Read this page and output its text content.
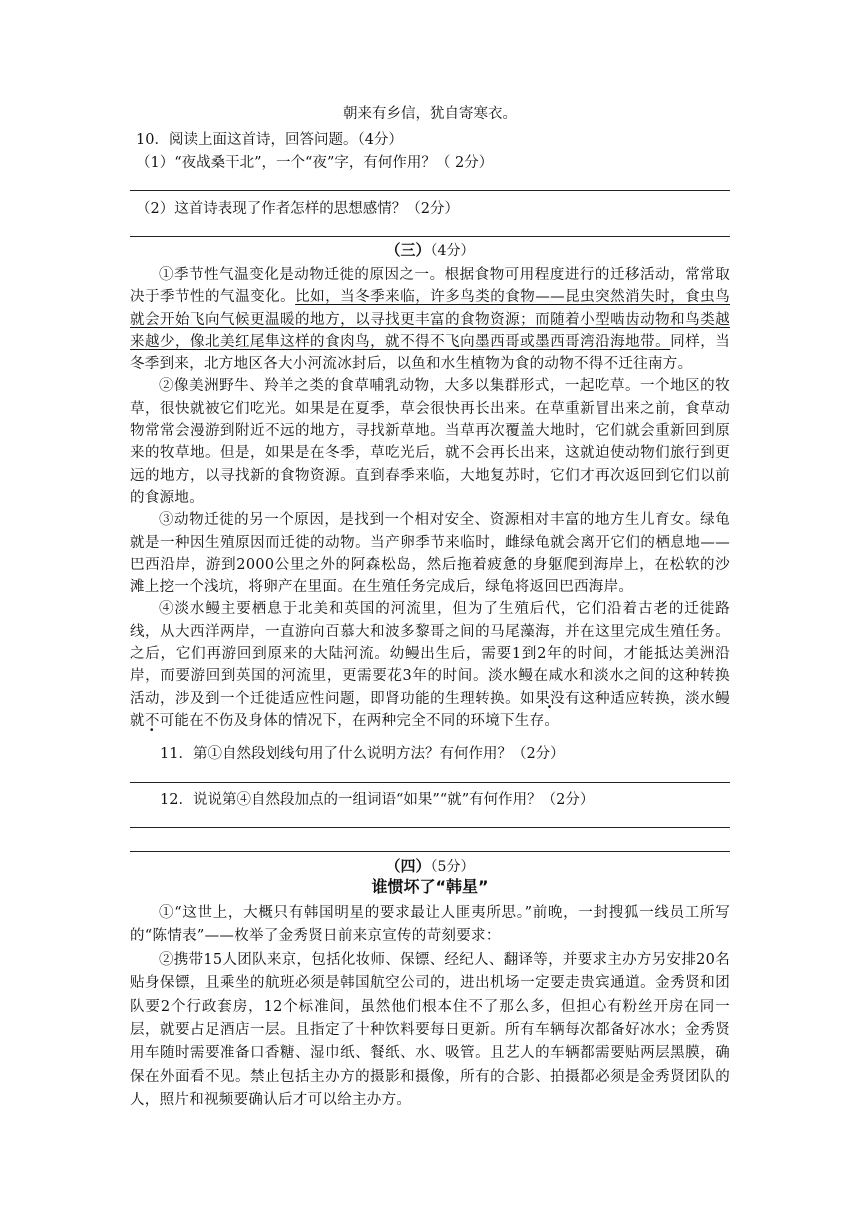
朝来有乡信，犹自寄寒衣。
10．阅读上面这首诗，回答问题。（4分）
（1）“夜战桑干北”，一个“夜”字，有何作用？（ 2分）
（2）这首诗表现了作者怎样的思想感情？（2分）
（三）（4分）

①季节性气温变化是动物迁徙的原因之一。根据食物可用程度进行的迁移活动，常常取决于季节性的气温变化。比如，当冬季来临，许多鸟类的食物——昆虫突然消失时，食虫鸟就会开始飞向气候更温暖的地方，以寻找更丰富的食物资源；而随着小型啮齿动物和鸟类越来越少，像北美红尾隼这样的食肉鸟，就不得不飞向墨西哥或墨西哥湾沿海地带。同样，当冬季到来，北方地区各大小河流冰封后，以鱼和水生植物为食的动物不得不迁往南方。

②像美洲野牛、羚羊之类的食草哺乳动物，大多以集群形式，一起吃草。一个地区的牧草，很快就被它们吃光。如果是在夏季，草会很快再长出来。在草重新冒出来之前，食草动物常常会漫游到附近不远的地方，寻找新草地。当草再次覆盖大地时，它们就会重新回到原来的牧草地。但是，如果是在冬季，草吃光后，就不会再长出来，这就迫使动物们旅行到更远的地方，以寻找新的食物资源。直到春季来临，大地复苏时，它们才再次返回到它们以前的食源地。

③动物迁徙的另一个原因，是找到一个相对安全、资源相对丰富的地方生儿育女。绿龟就是一种因生殖原因而迁徙的动物。当产卵季节来临时，雌绿龟就会离开它们的栖息地——巴西沿岸，游到2000公里之外的阿森松岛，然后拖着疲惫的身躯爬到海岸上，在松软的沙滩上挖一个浅坑，将卵产在里面。在生殖任务完成后，绿龟将返回巴西海岸。

④淡水鳗主要栖息于北美和英国的河流里，但为了生殖后代，它们沿着古老的迁徙路线，从大西洋两岸，一直游向百慕大和波多黎哥之间的马尾藻海，并在这里完成生殖任务。之后，它们再游回到原来的大陆河流。幼鳗出生后，需要1到2年的时间，才能抵达美洲沿岸，而要游回到英国的河流里，更需要花3年的时间。淡水鳗在咸水和淡水之间的这种转换活动，涉及到一个迁徙适应性问题，即肾功能的生理转换。如果没有这种适应转换，淡水鳗就不可能在不伤及身体的情况下，在两种完全不同的环境下生存。

11．第①自然段划线句用了什么说明方法？有何作用？（2分）
12．说说第④自然段加点的一组词语“如果”“就”有何作用？（2分）
（四）（5分）
谁惯坏了“韩星”

①“这世上，大概只有韩国明星的要求最让人匪夷所思。”前晚，一封搜狐一线员工所写的“陈情表”——枚举了金秀贤日前来京宣传的苛刻要求：

②携带15人团队来京，包括化妆师、保镖、经纪人、翻译等，并要求主办方另安排20名贴身保镖，且乘坐的航班必须是韩国航空公司的，进出机场一定要走贵宾通道。金秀贤和团队要2个行政套房，12个标准间，虽然他们根本住不了那么多，但担心有粉丝开房在同一层，就要占足酒店一层。且指定了十种饮料要每日更新。所有车辆每次都备好冰水；金秀贤用车随时需要准备口香糖、湿巾纸、餐纸、水、吸管。且艺人的车辆都需要贴两层黑膜，确保在外面看不见。禁止包括主办方的摄影和摄像，所有的合影、拍摄都必须是金秀贤团队的人，照片和视频要确认后才可以给主办方。
